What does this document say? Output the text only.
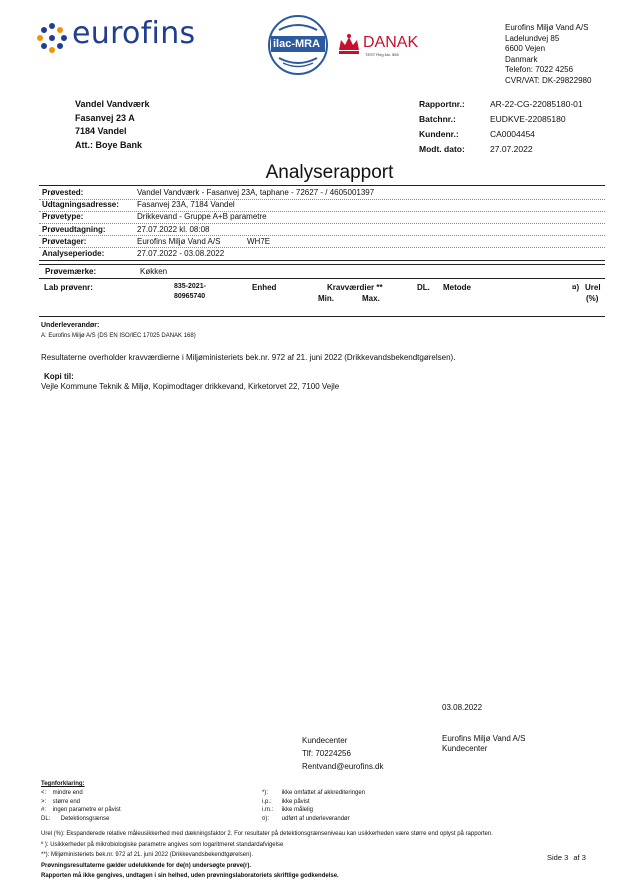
eurofins	ilac-MRA	DANAK
TEST Reg.No. 555
Eurofins Miljø Vand A/S
Ladelundvej 85
6600 Vejen
Danmark
Telefon: 7022 4256
CVR/VAT: DK-29822980
Vandel Vandværk
Fasanvej 23 A
7184 Vandel
Att.: Boye Bank
Rapportnr.:	AR-22-CG-22085180-01
Batchnr.:	EUDKVE-22085180
Kundenr.:	CA0004454
Modt. dato:	27.07.2022
Analyserapport
Prøvested:	Vandel Vandværk - Fasanvej 23A, taphane - 72627 - / 4605001397
Udtagningsadresse: Fasanvej 23A, 7184 Vandel
Prøvetype:	Drikkevand - Gruppe A+B parametre
Prøveudtagning:	27.07.2022 kl. 08:08
Prøvetager:	Eurofins Miljø Vand A/S	WH7E
Analyseperiode:	27.07.2022 - 03.08.2022
Prøvemærke:	Køkken
Lab prøvenr:	835-2021-
80965740
Enhed	Kravværdier **
Min.	Max.
DL. Metode	¤) Urel
(%)
Underleverandør:
A: Eurofins Miljø A/S (DS EN ISO/IEC 17025 DANAK 168)
Resultaterne overholder kravværdierne i Miljøministeriets bek.nr. 972 af 21. juni 2022 (Drikkevandsbekendtgørelsen).
Kopi til:
Vejle Kommune Teknik & Miljø, Kopimodtager drikkevand, Kirketorvet 22, 7100 Vejle
03.08.2022
Kundecenter
Tlf: 70224256
Rentvand@eurofins.dk
Eurofins Miljø Vand A/S
Kundecenter
Tegnforklaring:
<: mindre end
>: større end
#: ingen parametre er påvist
DL: Detektionsgrænse
*): ikke omfattet af akkrediteringen
i.p.: ikke påvist
i.m.: ikke målelig
¤): udført af underleverandør
Urel (%): Ekspanderede relative måleusikkerhed med dækningsfaktor 2. For resultater på detektionsgrænseniveau kan usikkerheden være større end oplyst på rapporten.
º ): Usikkerheder på mikrobiologiske parametre angives som logaritmeret standardafvigelse
**): Miljøministeriets bek.nr. 972 af 21. juni 2022 (Drikkevandsbekendtgørelsen).
Prøvningsresultaterne gælder udelukkende for de(n) undersøgte prøve(r).
Rapporten må ikke gengives, undtagen i sin helhed, uden prøvningslaboratoriets skriftlige godkendelse.
Side 3 af 3
